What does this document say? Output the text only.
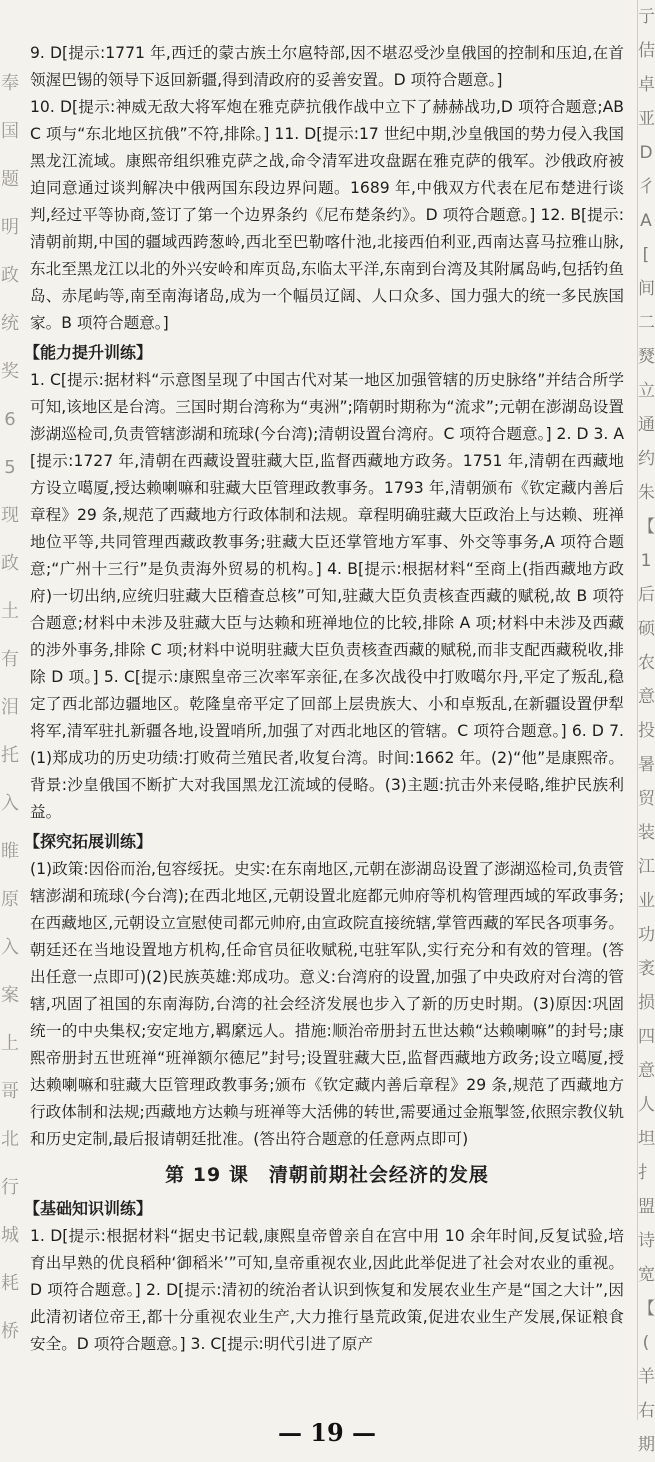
奉
国
题
明
政
统
奖
6
5
现
政
土
有
泪
托
入
睢
原
入
案
上
哥
北
行
城
耗
桥
亍
佶
卓
亚
D
彳
A
[
间
二
燹
立
通
约
朱
【
1
后
硕
农
意
投
暑
贸
装
江
业
功
袤
损
四
意
人
坦
扌
盟
诗
宽
【
(
羊
右
期

9. D[提示:1771 年,西迁的蒙古族土尔扈特部,因不堪忍受沙皇俄国的控制和压迫,在首领渥巴锡的领导下返回新疆,得到清政府的妥善安置。D 项符合题意。]

10. D[提示:神威无敌大将军炮在雅克萨抗俄作战中立下了赫赫战功,D 项符合题意;ABC 项与“东北地区抗俄”不符,排除。] 11. D[提示:17 世纪中期,沙皇俄国的势力侵入我国黑龙江流域。康熙帝组织雅克萨之战,命令清军进攻盘踞在雅克萨的俄军。沙俄政府被迫同意通过谈判解决中俄两国东段边界问题。1689 年,中俄双方代表在尼布楚进行谈判,经过平等协商,签订了第一个边界条约《尼布楚条约》。D 项符合题意。] 12. B[提示:清朝前期,中国的疆域西跨葱岭,西北至巴勒喀什池,北接西伯利亚,西南达喜马拉雅山脉,东北至黑龙江以北的外兴安岭和库页岛,东临太平洋,东南到台湾及其附属岛屿,包括钓鱼岛、赤尾屿等,南至南海诸岛,成为一个幅员辽阔、人口众多、国力强大的统一多民族国家。B 项符合题意。]

【能力提升训练】

1. C[提示:据材料“示意图呈现了中国古代对某一地区加强管辖的历史脉络”并结合所学可知,该地区是台湾。三国时期台湾称为“夷洲”;隋朝时期称为“流求”;元朝在澎湖岛设置澎湖巡检司,负责管辖澎湖和琉球(今台湾);清朝设置台湾府。C 项符合题意。] 2. D 3. A[提示:1727 年,清朝在西藏设置驻藏大臣,监督西藏地方政务。1751 年,清朝在西藏地方设立噶厦,授达赖喇嘛和驻藏大臣管理政教事务。1793 年,清朝颁布《钦定藏内善后章程》29 条,规范了西藏地方行政体制和法规。章程明确驻藏大臣政治上与达赖、班禅地位平等,共同管理西藏政教事务;驻藏大臣还掌管地方军事、外交等事务,A 项符合题意;“广州十三行”是负责海外贸易的机构。] 4. B[提示:根据材料“至商上(指西藏地方政府)一切出纳,应统归驻藏大臣稽查总核”可知,驻藏大臣负责核查西藏的赋税,故 B 项符合题意;材料中未涉及驻藏大臣与达赖和班禅地位的比较,排除 A 项;材料中未涉及西藏的涉外事务,排除 C 项;材料中说明驻藏大臣负责核查西藏的赋税,而非支配西藏税收,排除 D 项。] 5. C[提示:康熙皇帝三次率军亲征,在多次战役中打败噶尔丹,平定了叛乱,稳定了西北部边疆地区。乾隆皇帝平定了回部上层贵族大、小和卓叛乱,在新疆设置伊犁将军,清军驻扎新疆各地,设置哨所,加强了对西北地区的管辖。C 项符合题意。] 6. D 7. (1)郑成功的历史功绩:打败荷兰殖民者,收复台湾。时间:1662 年。(2)“他”是康熙帝。背景:沙皇俄国不断扩大对我国黑龙江流域的侵略。(3)主题:抗击外来侵略,维护民族利益。

【探究拓展训练】

(1)政策:因俗而治,包容绥抚。史实:在东南地区,元朝在澎湖岛设置了澎湖巡检司,负责管辖澎湖和琉球(今台湾);在西北地区,元朝设置北庭都元帅府等机构管理西域的军政事务;在西藏地区,元朝设立宣慰使司都元帅府,由宣政院直接统辖,掌管西藏的军民各项事务。朝廷还在当地设置地方机构,任命官员征收赋税,屯驻军队,实行充分和有效的管理。(答出任意一点即可)(2)民族英雄:郑成功。意义:台湾府的设置,加强了中央政府对台湾的管辖,巩固了祖国的东南海防,台湾的社会经济发展也步入了新的历史时期。(3)原因:巩固统一的中央集权;安定地方,羁縻远人。措施:顺治帝册封五世达赖“达赖喇嘛”的封号;康熙帝册封五世班禅“班禅额尔德尼”封号;设置驻藏大臣,监督西藏地方政务;设立噶厦,授达赖喇嘛和驻藏大臣管理政教事务;颁布《钦定藏内善后章程》29 条,规范了西藏地方行政体制和法规;西藏地方达赖与班禅等大活佛的转世,需要通过金瓶掣签,依照宗教仪轨和历史定制,最后报请朝廷批准。(答出符合题意的任意两点即可)

第 19 课　清朝前期社会经济的发展
【基础知识训练】

1. D[提示:根据材料“据史书记载,康熙皇帝曾亲自在宫中用 10 余年时间,反复试验,培育出早熟的优良稻种‘御稻米’”可知,皇帝重视农业,因此此举促进了社会对农业的重视。D 项符合题意。] 2. D[提示:清初的统治者认识到恢复和发展农业生产是“国之大计”,因此清初诸位帝王,都十分重视农业生产,大力推行垦荒政策,促进农业生产发展,保证粮食安全。D 项符合题意。] 3. C[提示:明代引进了原产

— 19 —
